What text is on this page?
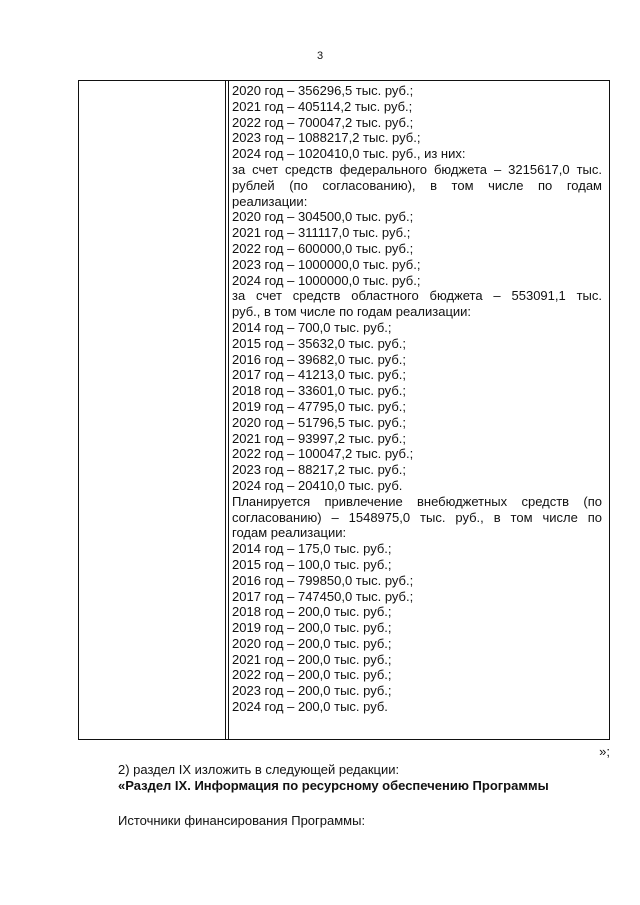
3
2020 год – 356296,5 тыс. руб.;
2021 год – 405114,2 тыс. руб.;
2022 год – 700047,2 тыс. руб.;
2023 год – 1088217,2 тыс. руб.;
2024 год – 1020410,0 тыс. руб., из них:
за счет средств федерального бюджета – 3215617,0 тыс.
рублей (по согласованию), в том числе по годам
реализации:
2020 год – 304500,0 тыс. руб.;
2021 год – 311117,0 тыс. руб.;
2022 год – 600000,0 тыс. руб.;
2023 год – 1000000,0 тыс. руб.;
2024 год – 1000000,0 тыс. руб.;
за счет средств областного бюджета – 553091,1 тыс.
руб., в том числе по годам реализации:
2014 год – 700,0 тыс. руб.;
2015 год – 35632,0 тыс. руб.;
2016 год – 39682,0 тыс. руб.;
2017 год – 41213,0 тыс. руб.;
2018 год – 33601,0 тыс. руб.;
2019 год – 47795,0 тыс. руб.;
2020 год – 51796,5 тыс. руб.;
2021 год – 93997,2 тыс. руб.;
2022 год – 100047,2 тыс. руб.;
2023 год – 88217,2 тыс. руб.;
2024 год – 20410,0 тыс. руб.
Планируется привлечение внебюджетных средств (по
согласованию) – 1548975,0 тыс. руб., в том числе по
годам реализации:
2014 год – 175,0 тыс. руб.;
2015 год – 100,0 тыс. руб.;
2016 год – 799850,0 тыс. руб.;
2017 год – 747450,0 тыс. руб.;
2018 год – 200,0 тыс. руб.;
2019 год – 200,0 тыс. руб.;
2020 год – 200,0 тыс. руб.;
2021 год – 200,0 тыс. руб.;
2022 год – 200,0 тыс. руб.;
2023 год – 200,0 тыс. руб.;
2024 год – 200,0 тыс. руб.
»;
2) раздел IX изложить в следующей редакции:
«Раздел IX. Информация по ресурсному обеспечению Программы
Источники финансирования Программы:
